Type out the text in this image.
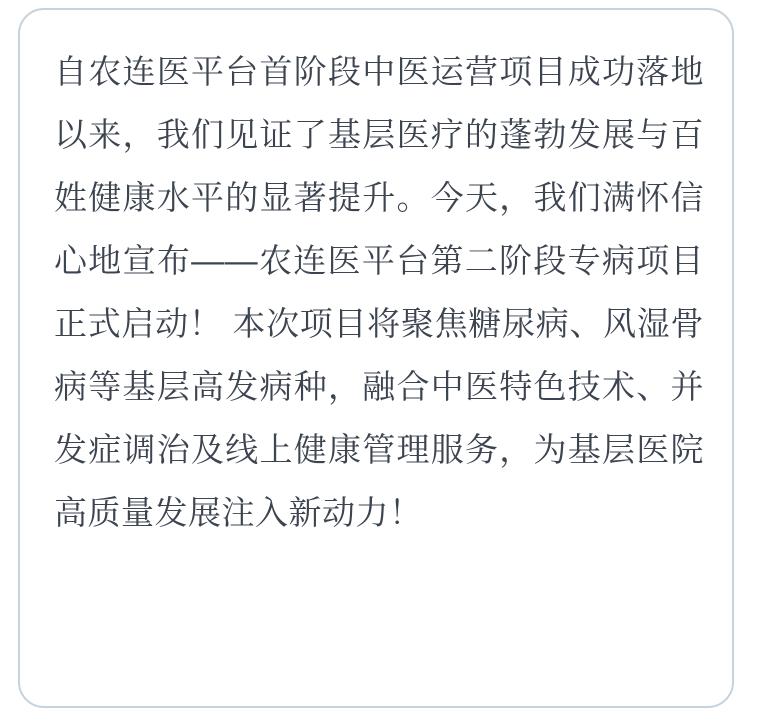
自农连医平台首阶段中医运营项目成功落地以来，我们见证了基层医疗的蓬勃发展与百姓健康水平的显著提升。今天，我们满怀信心地宣布——农连医平台第二阶段专病项目正式启动！ 本次项目将聚焦糖尿病、风湿骨病等基层高发病种，融合中医特色技术、并发症调治及线上健康管理服务，为基层医院高质量发展注入新动力！
